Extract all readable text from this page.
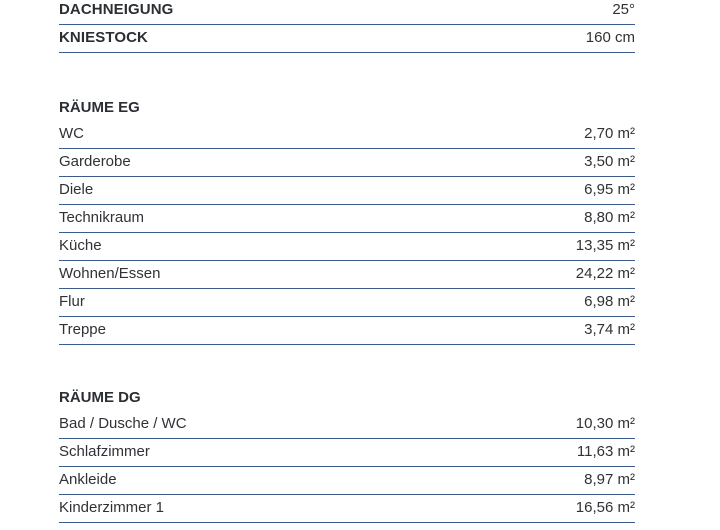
DACHNEIGUNG	25°
KNIESTOCK	160 cm
RÄUME EG
WC	2,70 m²
Garderobe	3,50 m²
Diele	6,95 m²
Technikraum	8,80 m²
Küche	13,35 m²
Wohnen/Essen	24,22 m²
Flur	6,98 m²
Treppe	3,74 m²
RÄUME DG
Bad / Dusche / WC	10,30 m²
Schlafzimmer	11,63 m²
Ankleide	8,97 m²
Kinderzimmer 1	16,56 m²
